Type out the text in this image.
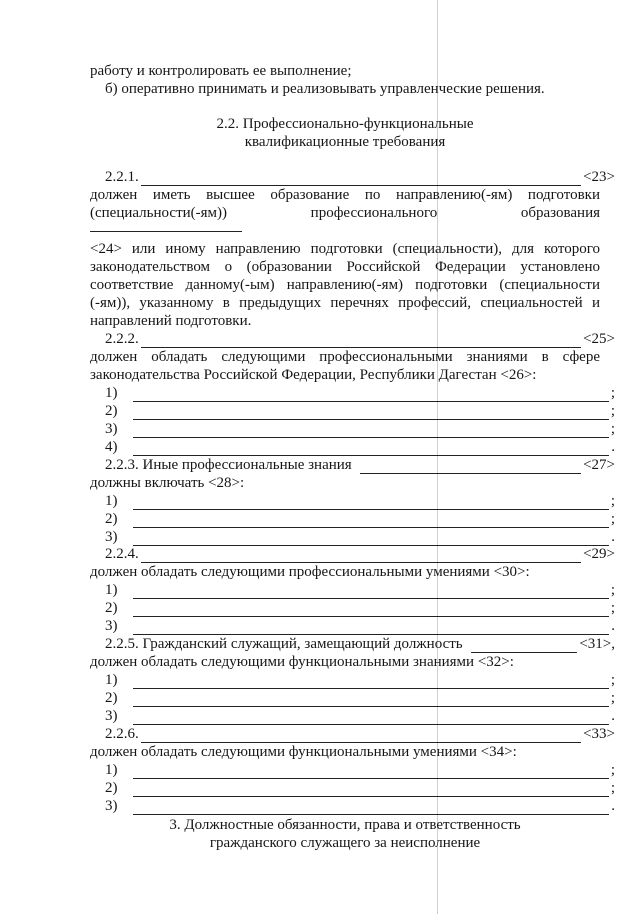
работу и контролировать ее выполнение;
б) оперативно принимать и реализовывать управленческие решения.
2.2. Профессионально-функциональные
квалификационные требования
2.2.1.	<23>
должен иметь высшее образование по направлению(-ям) подготовки
(специальности(-ям)) профессионального образования
<24> или иному направлению подготовки (специальности), для которого
законодательством о (образовании Российской Федерации установлено
соответствие данному(-ым) направлению(-ям) подготовки (специальности
(-ям)), указанному в предыдущих перечнях профессий, специальностей и
направлений подготовки.
2.2.2.	<25>
должен обладать следующими профессиональными знаниями в сфере
законодательства Российской Федерации, Республики Дагестан <26>:
1)	;
2)	;
3)	;
4)	.
2.2.3. Иные профессиональные знания	<27>
должны включать <28>:
1)	;
2)	;
3)	.
2.2.4.	<29>
должен обладать следующими профессиональными умениями <30>:
1)	;
2)	;
3)	.
2.2.5. Гражданский служащий, замещающий должность	<31>,
должен обладать следующими функциональными знаниями <32>:
1)	;
2)	;
3)	.
2.2.6.	<33>
должен обладать следующими функциональными умениями <34>:
1)	;
2)	;
3)	.
3. Должностные обязанности, права и ответственность
гражданского служащего за неисполнение
